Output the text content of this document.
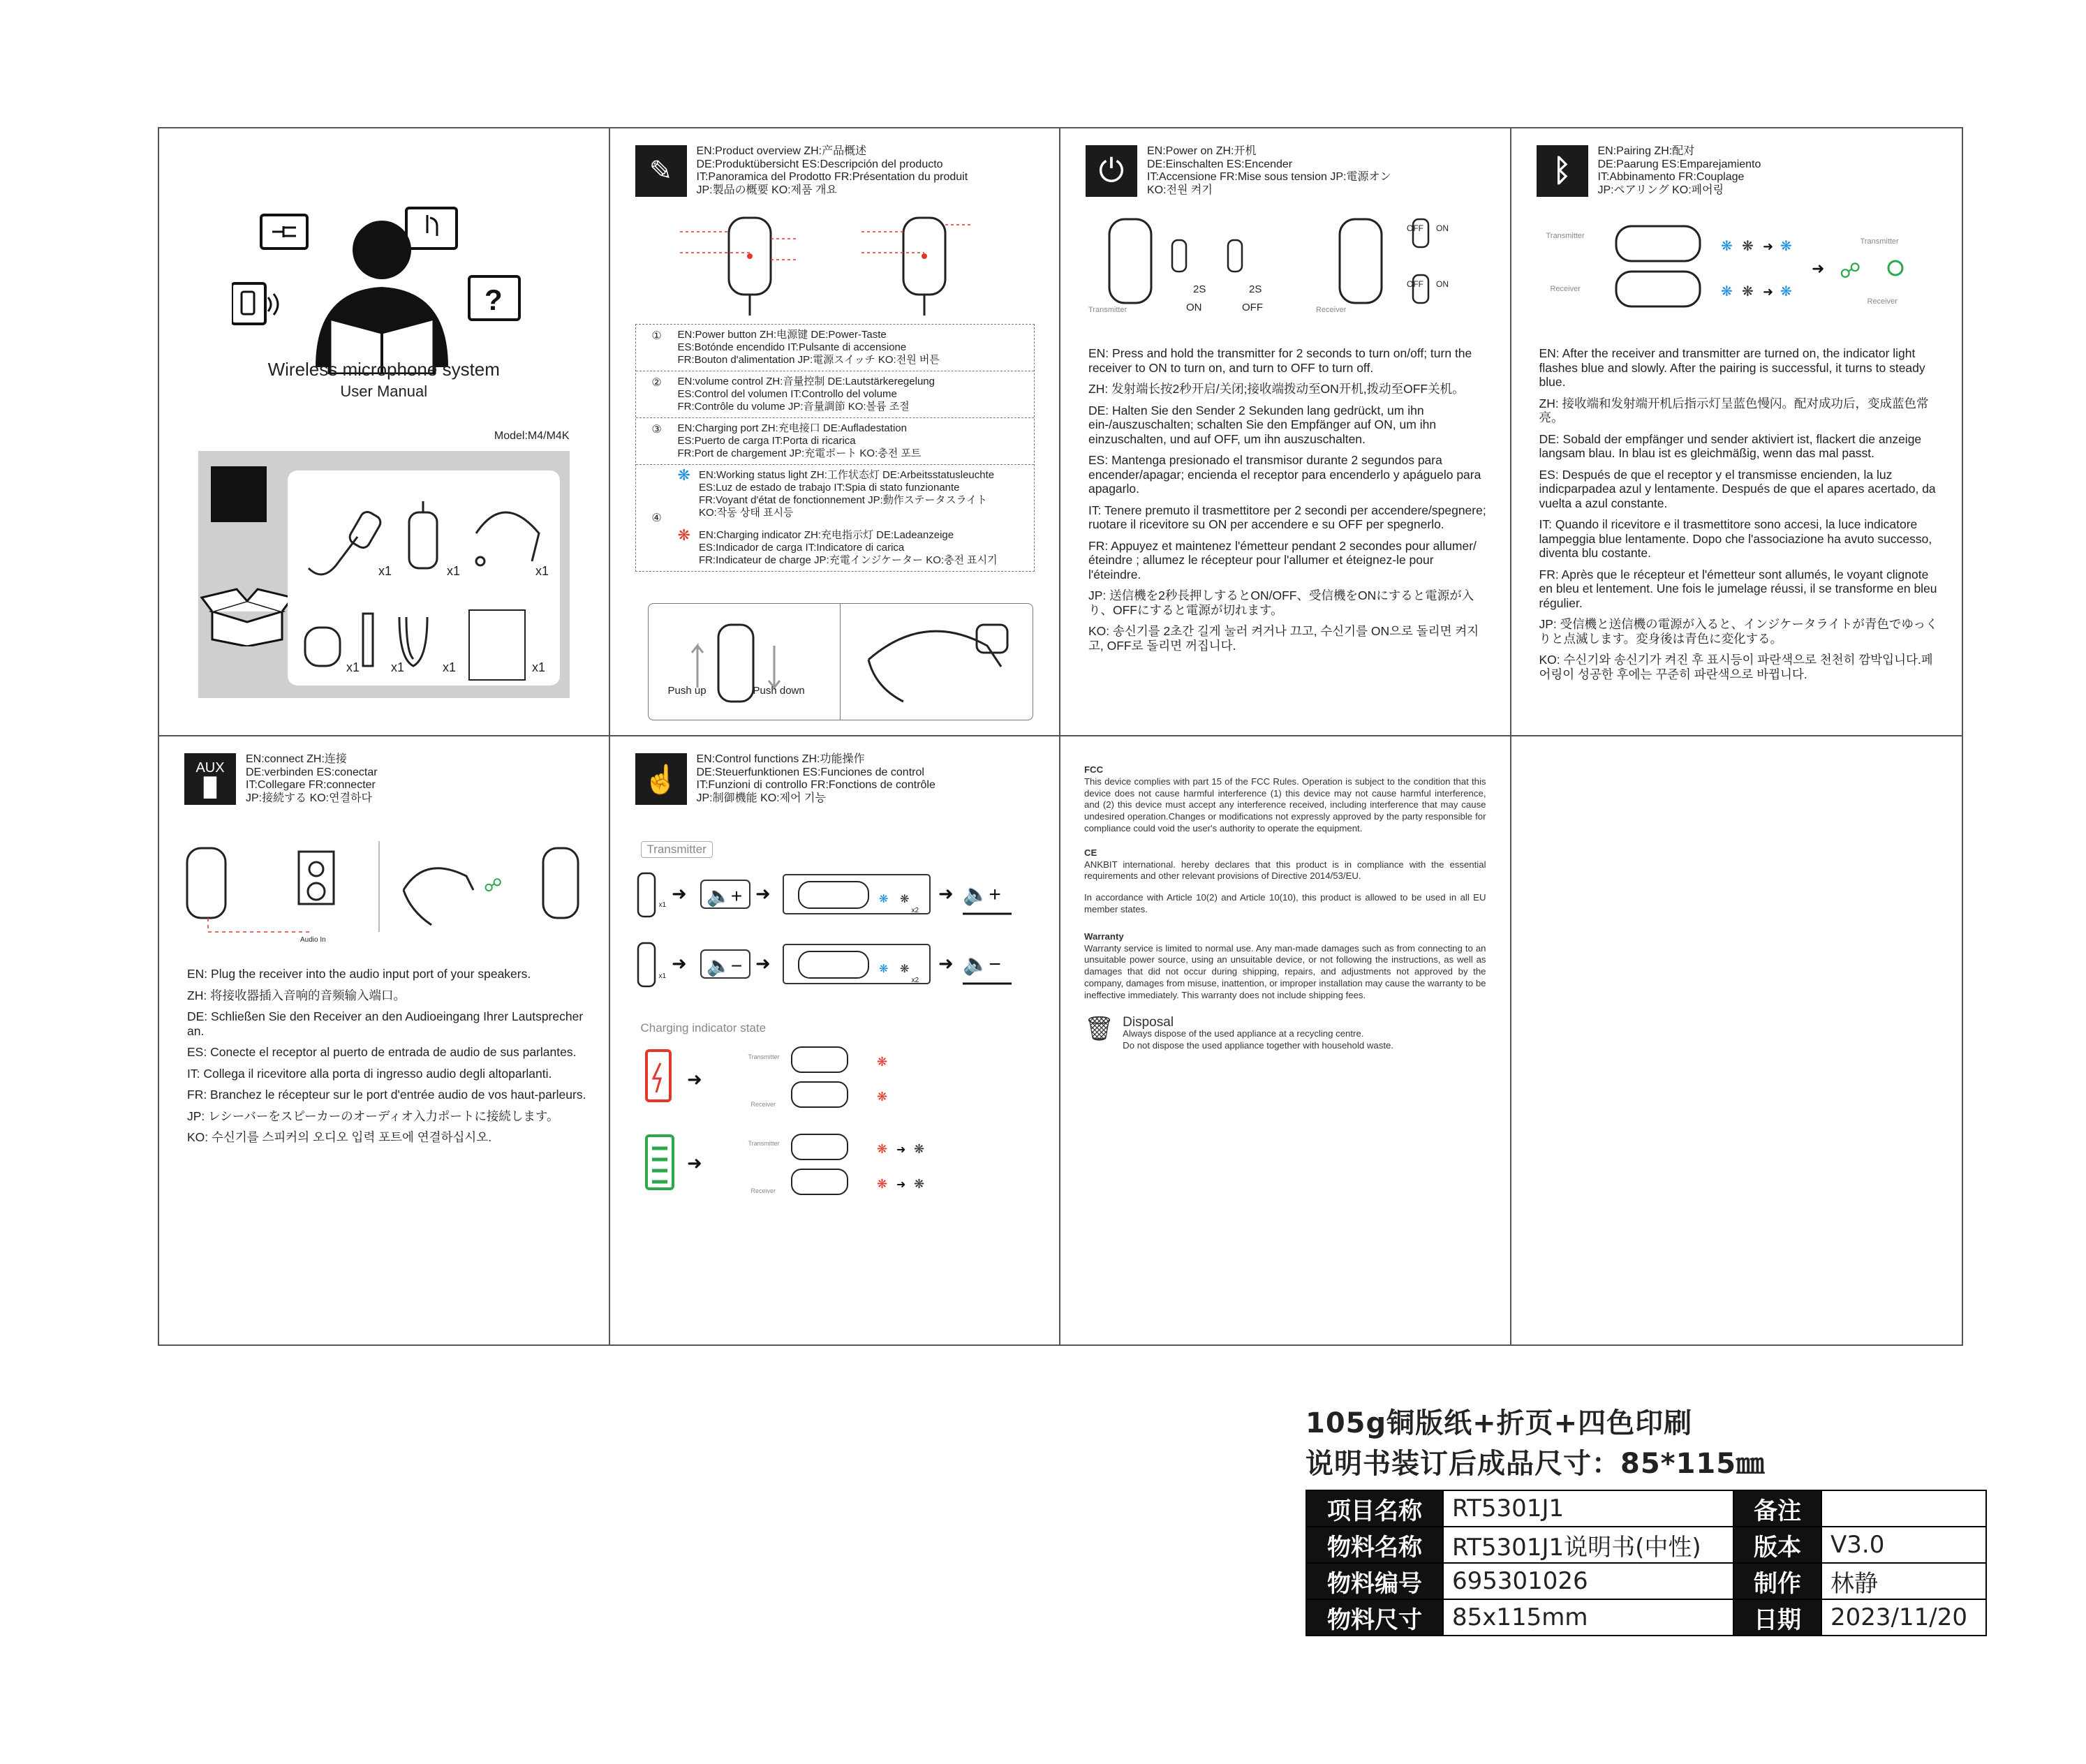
?
Wireless microphone system
User Manual
Model:M4/M4K
x1	x1	x1
x1 x1	x1	x1
✎
EN:Product overview ZH:产品概述
DE:Produktübersicht ES:Descripción del producto
IT:Panoramica del Prodotto FR:Présentation du produit
JP:製品の概要 KO:제품 개요
①	EN:Power button ZH:电源键 DE:Power-Taste
ES:Botónde encendido IT:Pulsante di accensione
FR:Bouton d'alimentation JP:電源スイッチ KO:전원 버튼
②	EN:volume control ZH:音量控制 DE:Lautstärkeregelung
ES:Control del volumen IT:Controllo del volume
FR:Contrôle du volume JP:音量調節 KO:볼륨 조절
③	EN:Charging port ZH:充电接口 DE:Aufladestation
ES:Puerto de carga IT:Porta di ricarica
FR:Port de chargement JP:充電ポート KO:충전 포트
④
❋ EN:Working status light ZH:工作状态灯 DE:Arbeitsstatusleuchte
ES:Luz de estado de trabajo IT:Spia di stato funzionante
FR:Voyant d'état de fonctionnement JP:動作ステータスライト
KO:작동 상태 표시등
❋ EN:Charging indicator ZH:充电指示灯 DE:Ladeanzeige
ES:Indicador de carga IT:Indicatore di carica
FR:Indicateur de charge JP:充電インジケーター KO:충전 표시기
Push up	Push down
⏻
EN:Power on ZH:开机
DE:Einschalten ES:Encender
IT:Accensione FR:Mise sous tension JP:電源オン
KO:전원 켜기
Transmitter
2S	2S
ON	OFF	Receiver
OFF ON
OFF ON

EN: Press and hold the transmitter for 2 seconds to turn on/off; turn the receiver to ON to turn on, and turn to OFF to turn off.

ZH: 发射端长按2秒开启/关闭;接收端拨动至ON开机,拨动至OFF关机。

DE: Halten Sie den Sender 2 Sekunden lang gedrückt, um ihn ein-/auszuschalten; schalten Sie den Empfänger auf ON, um ihn einzuschalten, und auf OFF, um ihn auszuschalten.

ES: Mantenga presionado el transmisor durante 2 segundos para encender/apagar; encienda el receptor para encenderlo y apáguelo para apagarlo.

IT: Tenere premuto il trasmettitore per 2 secondi per accendere/spegnere; ruotare il ricevitore su ON per accendere e su OFF per spegnerlo.

FR: Appuyez et maintenez l'émetteur pendant 2 secondes pour allumer/éteindre ; allumez le récepteur pour l'allumer et éteignez-le pour l'éteindre.

JP: 送信機を2秒長押しするとON/OFF、受信機をONにすると電源が入り、OFFにすると電源が切れます。

KO: 송신기를 2초간 길게 눌러 켜거나 끄고, 수신기를 ON으로 돌리면 켜지고, OFF로 돌리면 꺼집니다.

ᛒ
EN:Pairing ZH:配对
DE:Paarung ES:Emparejamiento
IT:Abbinamento FR:Couplage
JP:ペアリング KO:페어링
❋ ❋ ❋
❋ ❋ ❋
➜
➜
➜ ☍
Transmitter
Receiver
Transmitter
Receiver

EN: After the receiver and transmitter are turned on, the indicator light flashes blue and slowly. After the pairing is successful, it turns to steady blue.

ZH: 接收端和发射端开机后指示灯呈蓝色慢闪。配对成功后，变成蓝色常亮。

DE: Sobald der empfänger und sender aktiviert ist, flackert die anzeige langsam blau. In blau ist es gleichmäßig, wenn das mal passt.

ES: Después de que el receptor y el transmisse encienden, la luz indicparpadea azul y lentamente. Después de que el apares acertado, da vuelta a azul constante.

IT: Quando il ricevitore e il trasmettitore sono accesi, la luce indicatore lampeggia blue lentamente. Dopo che l'associazione ha avuto successo, diventa blu costante.

FR: Après que le récepteur et l'émetteur sont allumés, le voyant clignote en bleu et lentement. Une fois le jumelage réussi, il se transforme en bleu régulier.

JP: 受信機と送信機の電源が入ると、インジケータライトが青色でゆっくりと点滅します。変身後は青色に変化する。

KO: 수신기와 송신기가 켜진 후 표시등이 파란색으로 천천히 깜박입니다.페어링이 성공한 후에는 꾸준히 파란색으로 바뀝니다.

AUX
█
EN:connect ZH:连接
DE:verbinden ES:conectar
IT:Collegare FR:connecter
JP:接続する KO:연결하다
☍
Audio In

EN: Plug the receiver into the audio input port of your speakers.

ZH: 将接收器插入音响的音频输入端口。

DE: Schließen Sie den Receiver an den Audioeingang Ihrer Lautsprecher an.

ES: Conecte el receptor al puerto de entrada de audio de sus parlantes.

IT: Collega il ricevitore alla porta di ingresso audio degli altoparlanti.

FR: Branchez le récepteur sur le port d'entrée audio de vos haut-parleurs.

JP: レシーバーをスピーカーのオーディオ入力ポートに接続します。

KO: 수신기를 스피커의 오디오 입력 포트에 연결하십시오.

☝
EN:Control functions ZH:功能操作
DE:Steuerfunktionen ES:Funciones de control
IT:Funzioni di controllo FR:Fonctions de contrôle
JP:制御機能 KO:제어 기능
Transmitter
➜ 🔈+ ➜	❋ ❋ ➜ 🔈+
➜ 🔈− ➜	❋ ❋ ➜ 🔈−
x1
x2
x1
x2
Charging indicator state
➜
❋
❋
➜
❋ ➜ ❋
❋ ➜ ❋
Transmitter
Receiver
Transmitter
Receiver
FCC
This device complies with part 15 of the FCC Rules. Operation is subject to the condition that this device does not cause harmful interference (1) this device may not cause harmful interference, and (2) this device must accept any interference received, including interference that may cause undesired operation.Changes or modifications not expressly approved by the party responsible for compliance could void the user's authority to operate the equipment.
CE
ANKBIT international. hereby declares that this product is in compliance with the essential requirements and other relevant provisions of Directive 2014/53/EU.
In accordance with Article 10(2) and Article 10(10), this product is allowed to be used in all EU member states.
Warranty
Warranty service is limited to normal use. Any man-made damages such as from connecting to an unsuitable power source, using an unsuitable device, or not following the instructions, as well as damages that did not occur during shipping, repairs, and adjustments not approved by the company, damages from misuse, inattention, or improper installation may cause the warranty to be ineffective immediately. This warranty does not include shipping fees.
🗑 Disposal
Always dispose of the used appliance at a recycling centre.
Do not dispose the used appliance together with household waste.
105g铜版纸+折页+四色印刷
说明书装订后成品尺寸：85*115㎜
项目名称	RT5301J1	备注	
物料名称	RT5301J1说明书(中性)	版本	V3.0
物料编号	695301026	制作	林静
物料尺寸	85x115mm	日期	2023/11/20
